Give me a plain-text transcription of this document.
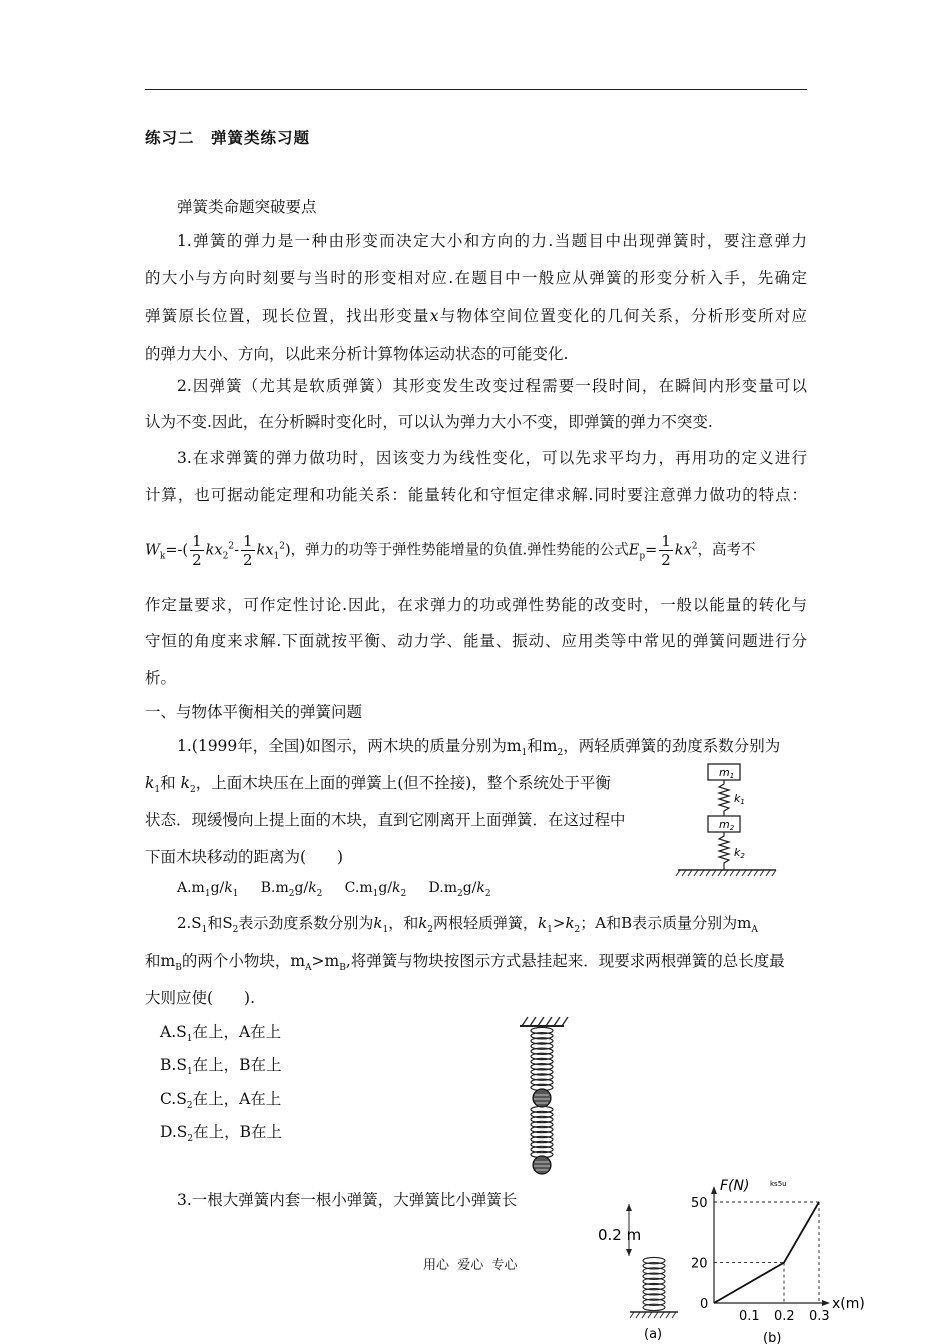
练习二　弹簧类练习题
弹簧类命题突破要点
1.弹簧的弹力是一种由形变而决定大小和方向的力.当题目中出现弹簧时，要注意弹力
的大小与方向时刻要与当时的形变相对应.在题目中一般应从弹簧的形变分析入手，先确定
弹簧原长位置，现长位置，找出形变量x与物体空间位置变化的几何关系，分析形变所对应
的弹力大小、方向，以此来分析计算物体运动状态的可能变化.
2.因弹簧（尤其是软质弹簧）其形变发生改变过程需要一段时间，在瞬间内形变量可以
认为不变.因此，在分析瞬时变化时，可以认为弹力大小不变，即弹簧的弹力不突变.
3.在求弹簧的弹力做功时，因该变力为线性变化，可以先求平均力，再用功的定义进行
计算，也可据动能定理和功能关系：能量转化和守恒定律求解.同时要注意弹力做功的特点：
$W_k=-( \frac{1}{2} kx_2^2- \frac{1}{2} kx_1^2)$，弹力的功等于弹性势能增量的负值.弹性势能的公式$E_p= \frac{1}{2} kx^2$，高考不
作定量要求，可作定性讨论.因此，在求弹力的功或弹性势能的改变时，一般以能量的转化与
守恒的角度来求解.下面就按平衡、动力学、能量、振动、应用类等中常见的弹簧问题进行分
析。
一、与物体平衡相关的弹簧问题
1.(1999年，全国)如图示，两木块的质量分别为$m_1$和$m_2$，两轻质弹簧的劲度系数分别为
$k_1$和 $k_2$，上面木块压在上面的弹簧上(但不拴接)，整个系统处于平衡
状态．现缓慢向上提上面的木块，直到它刚离开上面弹簧．在这过程中
下面木块移动的距离为(　　)
$A.m_1g/k_1$ $B.m_2g/k_2$ $C.m_1g/k_2$ $D.m_2g/k_2$
m1
k1
m2
k2
$2.S_1$和$S_2$表示劲度系数分别为$k_1$，和$k_2$两根轻质弹簧，$k_1>k_2$；A和B表示质量分别为$m_A$
和$m_B$的两个小物块，$m_A>m_B$,将弹簧与物块按图示方式悬挂起来．现要求两根弹簧的总长度最
大则应使(　　).
$A.S_1$在上，A在上
$B.S_1$在上，B在上
$C.S_2$在上，A在上
$D.S_2$在上，B在上
3.一根大弹簧内套一根小弹簧，大弹簧比小弹簧长
0.2 m
(a)
F(N)	ks5u
x(m)
0
0.1 0.2 0.3
20
50
(b)
用心  爱心  专心
